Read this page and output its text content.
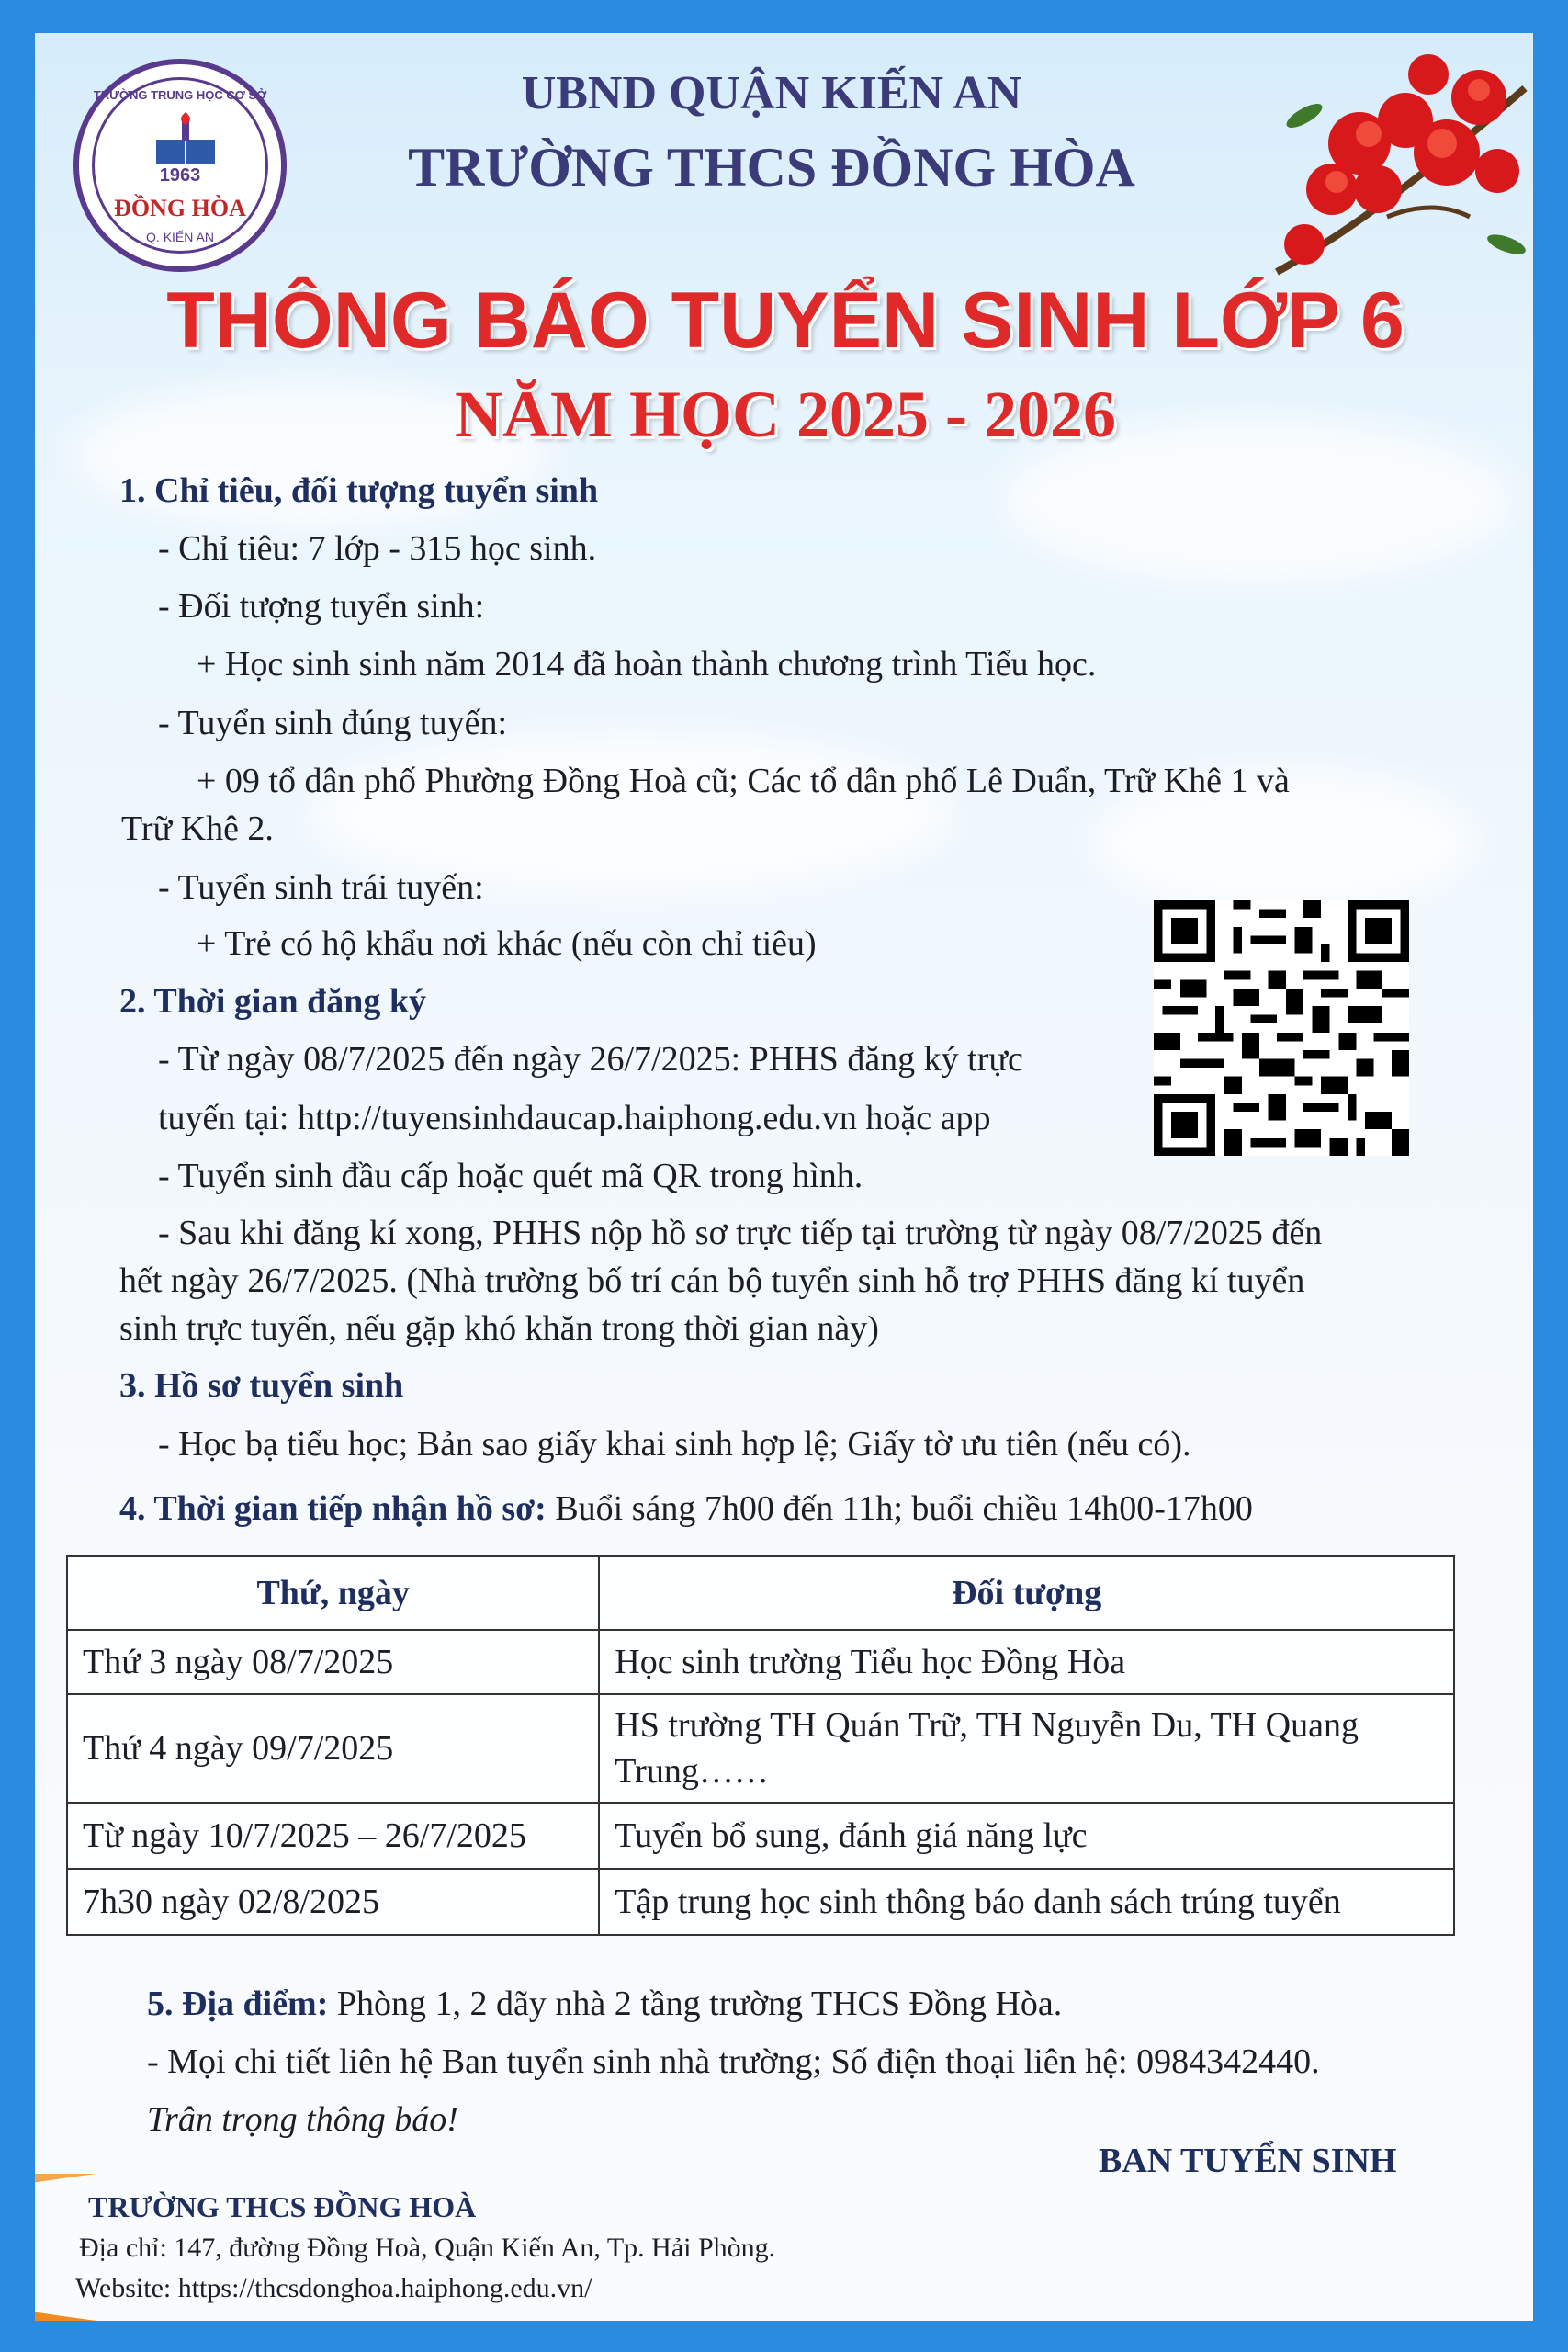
TRƯỜNG TRUNG HỌC CƠ SỞ
1963
ĐỒNG HÒA
Q. KIẾN AN
UBND QUẬN KIẾN AN
TRƯỜNG THCS ĐỒNG HÒA
THÔNG BÁO TUYỂN SINH LỚP 6
NĂM HỌC 2025 - 2026
1. Chỉ tiêu, đối tượng tuyển sinh
- Chỉ tiêu: 7 lớp - 315 học sinh.
- Đối tượng tuyển sinh:
+ Học sinh sinh năm 2014 đã hoàn thành chương trình Tiểu học.
- Tuyển sinh đúng tuyến:
+ 09 tổ dân phố Phường Đồng Hoà cũ; Các tổ dân phố Lê Duẩn, Trữ Khê 1 và
Trữ Khê 2.
- Tuyển sinh trái tuyến:
+ Trẻ có hộ khẩu nơi khác (nếu còn chỉ tiêu)
2. Thời gian đăng ký
- Từ ngày 08/7/2025 đến ngày 26/7/2025: PHHS đăng ký trực
tuyến tại: http://tuyensinhdaucap.haiphong.edu.vn hoặc app
- Tuyển sinh đầu cấp hoặc quét mã QR trong hình.
- Sau khi đăng kí xong, PHHS nộp hồ sơ trực tiếp tại trường từ ngày 08/7/2025 đến
hết ngày 26/7/2025. (Nhà trường bố trí cán bộ tuyển sinh hỗ trợ PHHS đăng kí tuyển
sinh trực tuyến, nếu gặp khó khăn trong thời gian này)
3. Hồ sơ tuyển sinh
- Học bạ tiểu học; Bản sao giấy khai sinh hợp lệ; Giấy tờ ưu tiên (nếu có).
4. Thời gian tiếp nhận hồ sơ: Buổi sáng 7h00 đến 11h; buổi chiều 14h00-17h00
Thứ, ngày	Đối tượng
Thứ 3 ngày 08/7/2025	Học sinh trường Tiểu học Đồng Hòa
Thứ 4 ngày 09/7/2025	HS trường TH Quán Trữ, TH Nguyễn Du, TH Quang Trung……
Từ ngày 10/7/2025 – 26/7/2025	Tuyển bổ sung, đánh giá năng lực
7h30 ngày 02/8/2025	Tập trung học sinh thông báo danh sách trúng tuyển
5. Địa điểm: Phòng 1, 2 dãy nhà 2 tầng trường THCS Đồng Hòa.
- Mọi chi tiết liên hệ Ban tuyển sinh nhà trường; Số điện thoại liên hệ: 0984342440.
Trân trọng thông báo!
BAN TUYỂN SINH
TRƯỜNG THCS ĐỒNG HOÀ
Địa chỉ: 147, đường Đồng Hoà, Quận Kiến An, Tp. Hải Phòng.
Website: https://thcsdonghoa.haiphong.edu.vn/
